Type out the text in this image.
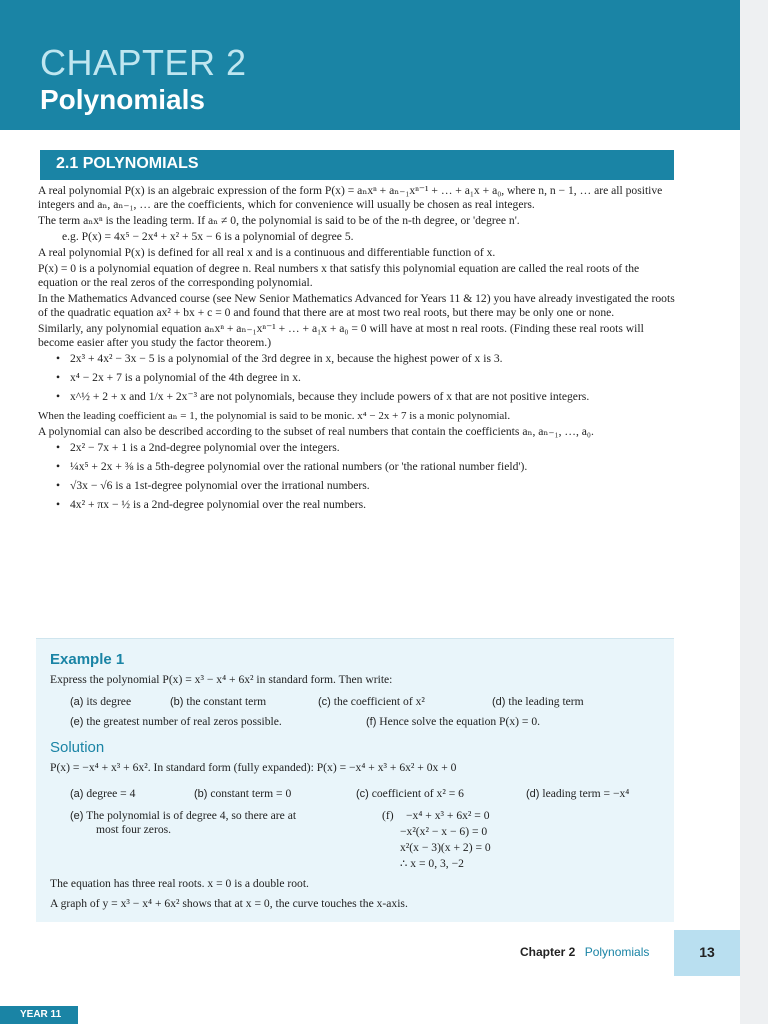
CHAPTER 2
Polynomials
2.1 POLYNOMIALS

A real polynomial P(x) is an algebraic expression of the form P(x) = aₙxⁿ + aₙ₋₁xⁿ⁻¹ + … + a₁x + a₀, where n, n − 1, … are all positive integers and aₙ, aₙ₋₁, … are the coefficients, which for convenience will usually be chosen as real integers.

The term aₙxⁿ is the leading term. If aₙ ≠ 0, the polynomial is said to be of the n-th degree, or 'degree n'.

e.g. P(x) = 4x⁵ − 2x⁴ + x² + 5x − 6 is a polynomial of degree 5.

A real polynomial P(x) is defined for all real x and is a continuous and differentiable function of x.

P(x) = 0 is a polynomial equation of degree n. Real numbers x that satisfy this polynomial equation are called the real roots of the equation or the real zeros of the corresponding polynomial.

In the Mathematics Advanced course (see New Senior Mathematics Advanced for Years 11 & 12) you have already investigated the roots of the quadratic equation ax² + bx + c = 0 and found that there are at most two real roots, but there may be only one or none.

Similarly, any polynomial equation aₙxⁿ + aₙ₋₁xⁿ⁻¹ + … + a₁x + a₀ = 0 will have at most n real roots. (Finding these real roots will become easier after you study the factor theorem.)

• 2x³ + 4x² − 3x − 5 is a polynomial of the 3rd degree in x, because the highest power of x is 3.
• x⁴ − 2x + 7 is a polynomial of the 4th degree in x.
• x^½ + 2 + x and 1/x + 2x⁻³ are not polynomials, because they include powers of x that are not positive integers.

When the leading coefficient aₙ = 1, the polynomial is said to be monic. x⁴ − 2x + 7 is a monic polynomial.

A polynomial can also be described according to the subset of real numbers that contain the coefficients aₙ, aₙ₋₁, …, a₀.

• 2x² − 7x + 1 is a 2nd-degree polynomial over the integers.
• ¼x⁵ + 2x + ⅜ is a 5th-degree polynomial over the rational numbers (or 'the rational number field').
• √3x − √6 is a 1st-degree polynomial over the irrational numbers.
• 4x² + πx − ½ is a 2nd-degree polynomial over the real numbers.
Example 1
Express the polynomial P(x) = x³ − x⁴ + 6x² in standard form. Then write:
(a) its degree	(b) the constant term	(c) the coefficient of x²	(d) the leading term
(e) the greatest number of real zeros possible.	(f) Hence solve the equation P(x) = 0.
Solution
P(x) = −x⁴ + x³ + 6x². In standard form (fully expanded): P(x) = −x⁴ + x³ + 6x² + 0x + 0
(a) degree = 4	(b) constant term = 0	(c) coefficient of x² = 6	(d) leading term = −x⁴
(e) The polynomial is of degree 4, so there are at
most four zeros.
(f) −x⁴ + x³ + 6x² = 0
−x²(x² − x − 6) = 0
x²(x − 3)(x + 2) = 0
∴ x = 0, 3, −2
The equation has three real roots. x = 0 is a double root.
A graph of y = x³ − x⁴ + 6x² shows that at x = 0, the curve touches the x-axis.
Chapter 2 Polynomials	13
YEAR 11
